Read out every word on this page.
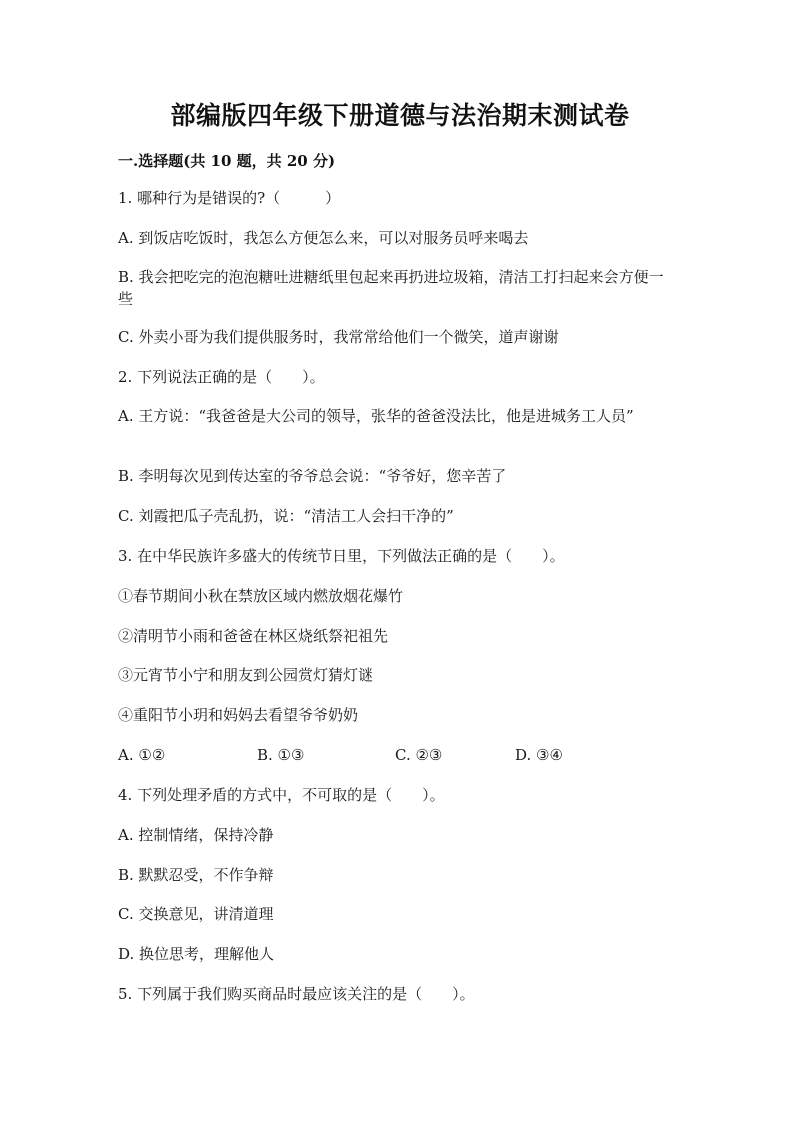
部编版四年级下册道德与法治期末测试卷

一.选择题(共 10 题，共 20 分)

1. 哪种行为是错误的?（　　　）

A. 到饭店吃饭时，我怎么方便怎么来，可以对服务员呼来喝去

B. 我会把吃完的泡泡糖吐进糖纸里包起来再扔进垃圾箱，清洁工打扫起来会方便一些

C. 外卖小哥为我们提供服务时，我常常给他们一个微笑，道声谢谢

2. 下列说法正确的是（　　）。

A. 王方说：“我爸爸是大公司的领导，张华的爸爸没法比，他是进城务工人员”

B. 李明每次见到传达室的爷爷总会说：“爷爷好，您辛苦了

C. 刘霞把瓜子壳乱扔，说：“清洁工人会扫干净的”

3. 在中华民族许多盛大的传统节日里，下列做法正确的是（　　）。

①春节期间小秋在禁放区域内燃放烟花爆竹

②清明节小雨和爸爸在林区烧纸祭祀祖先

③元宵节小宁和朋友到公园赏灯猜灯谜

④重阳节小玥和妈妈去看望爷爷奶奶

A. ①②	B. ①③	C. ②③	D. ③④

4. 下列处理矛盾的方式中，不可取的是（　　）。

A. 控制情绪，保持冷静

B. 默默忍受，不作争辩

C. 交换意见，讲清道理

D. 换位思考，理解他人

5. 下列属于我们购买商品时最应该关注的是（　　）。
